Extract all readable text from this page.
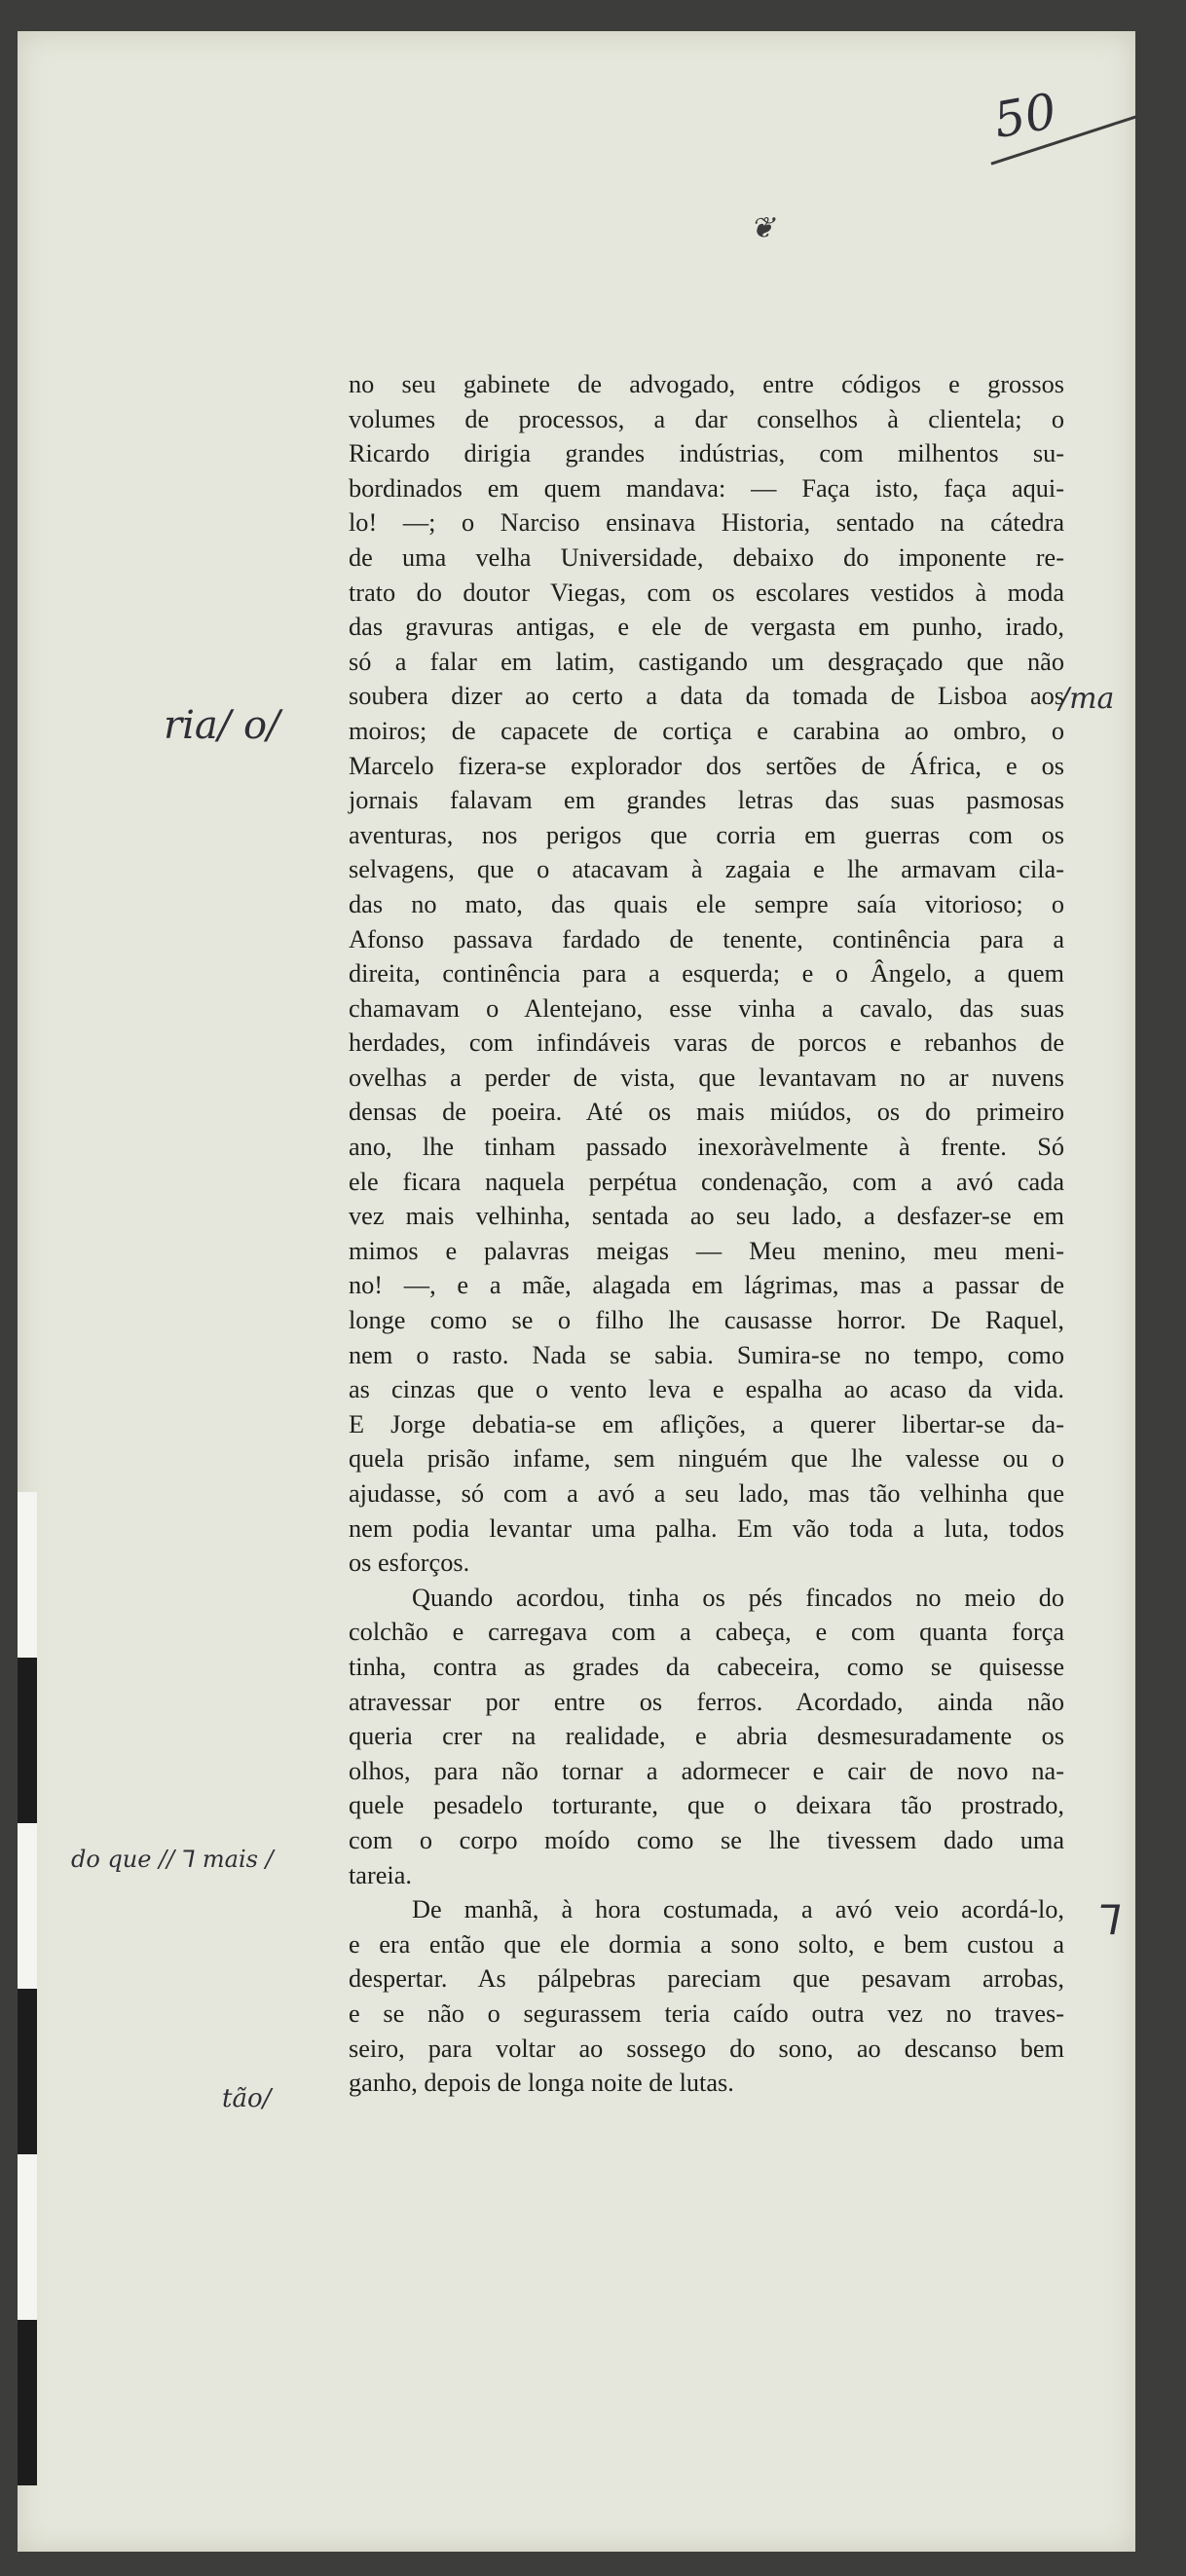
50
❦
no seu gabinete de advogado, entre códigos e grossos
volumes de processos, a dar conselhos à clientela; o
Ricardo dirigia grandes indústrias, com milhentos su-
bordinados em quem mandava: — Faça isto, faça aqui-
lo! —; o Narciso ensinava Historia, sentado na cátedra
de uma velha Universidade, debaixo do imponente re-
trato do doutor Viegas, com os escolares vestidos à moda
das gravuras antigas, e ele de vergasta em punho, irado,
só a falar em latim, castigando um desgraçado que não
soubera dizer ao certo a data da tomada de Lisboa aos
moiros; de capacete de cortiça e carabina ao ombro, o
Marcelo fizera-se explorador dos sertões de África, e os
jornais falavam em grandes letras das suas pasmosas
aventuras, nos perigos que corria em guerras com os
selvagens, que o atacavam à zagaia e lhe armavam cila-
das no mato, das quais ele sempre saía vitorioso; o
Afonso passava fardado de tenente, continência para a
direita, continência para a esquerda; e o Ângelo, a quem
chamavam o Alentejano, esse vinha a cavalo, das suas
herdades, com infindáveis varas de porcos e rebanhos de
ovelhas a perder de vista, que levantavam no ar nuvens
densas de poeira. Até os mais miúdos, os do primeiro
ano, lhe tinham passado inexoràvelmente à frente. Só
ele ficara naquela perpétua condenação, com a avó cada
vez mais velhinha, sentada ao seu lado, a desfazer-se em
mimos e palavras meigas — Meu menino, meu meni-
no! —, e a mãe, alagada em lágrimas, mas a passar de
longe como se o filho lhe causasse horror. De Raquel,
nem o rasto. Nada se sabia. Sumira-se no tempo, como
as cinzas que o vento leva e espalha ao acaso da vida.
E Jorge debatia-se em aflições, a querer libertar-se da-
quela prisão infame, sem ninguém que lhe valesse ou o
ajudasse, só com a avó a seu lado, mas tão velhinha que
nem podia levantar uma palha. Em vão toda a luta, todos
os esforços.
Quando acordou, tinha os pés fincados no meio do
colchão e carregava com a cabeça, e com quanta força
tinha, contra as grades da cabeceira, como se quisesse
atravessar por entre os ferros. Acordado, ainda não
queria crer na realidade, e abria desmesuradamente os
olhos, para não tornar a adormecer e cair de novo na-
quele pesadelo torturante, que o deixara tão prostrado,
com o corpo moído como se lhe tivessem dado uma
tareia.
De manhã, à hora costumada, a avó veio acordá-lo,
e era então que ele dormia a sono solto, e bem custou a
despertar. As pálpebras pareciam que pesavam arrobas,
e se não o segurassem teria caído outra vez no traves-
seiro, para voltar ao sossego do sono, ao descanso bem
ganho, depois de longa noite de lutas.
ria/ o/
/ma
do que // ⅂ mais /
⅂
tão/
